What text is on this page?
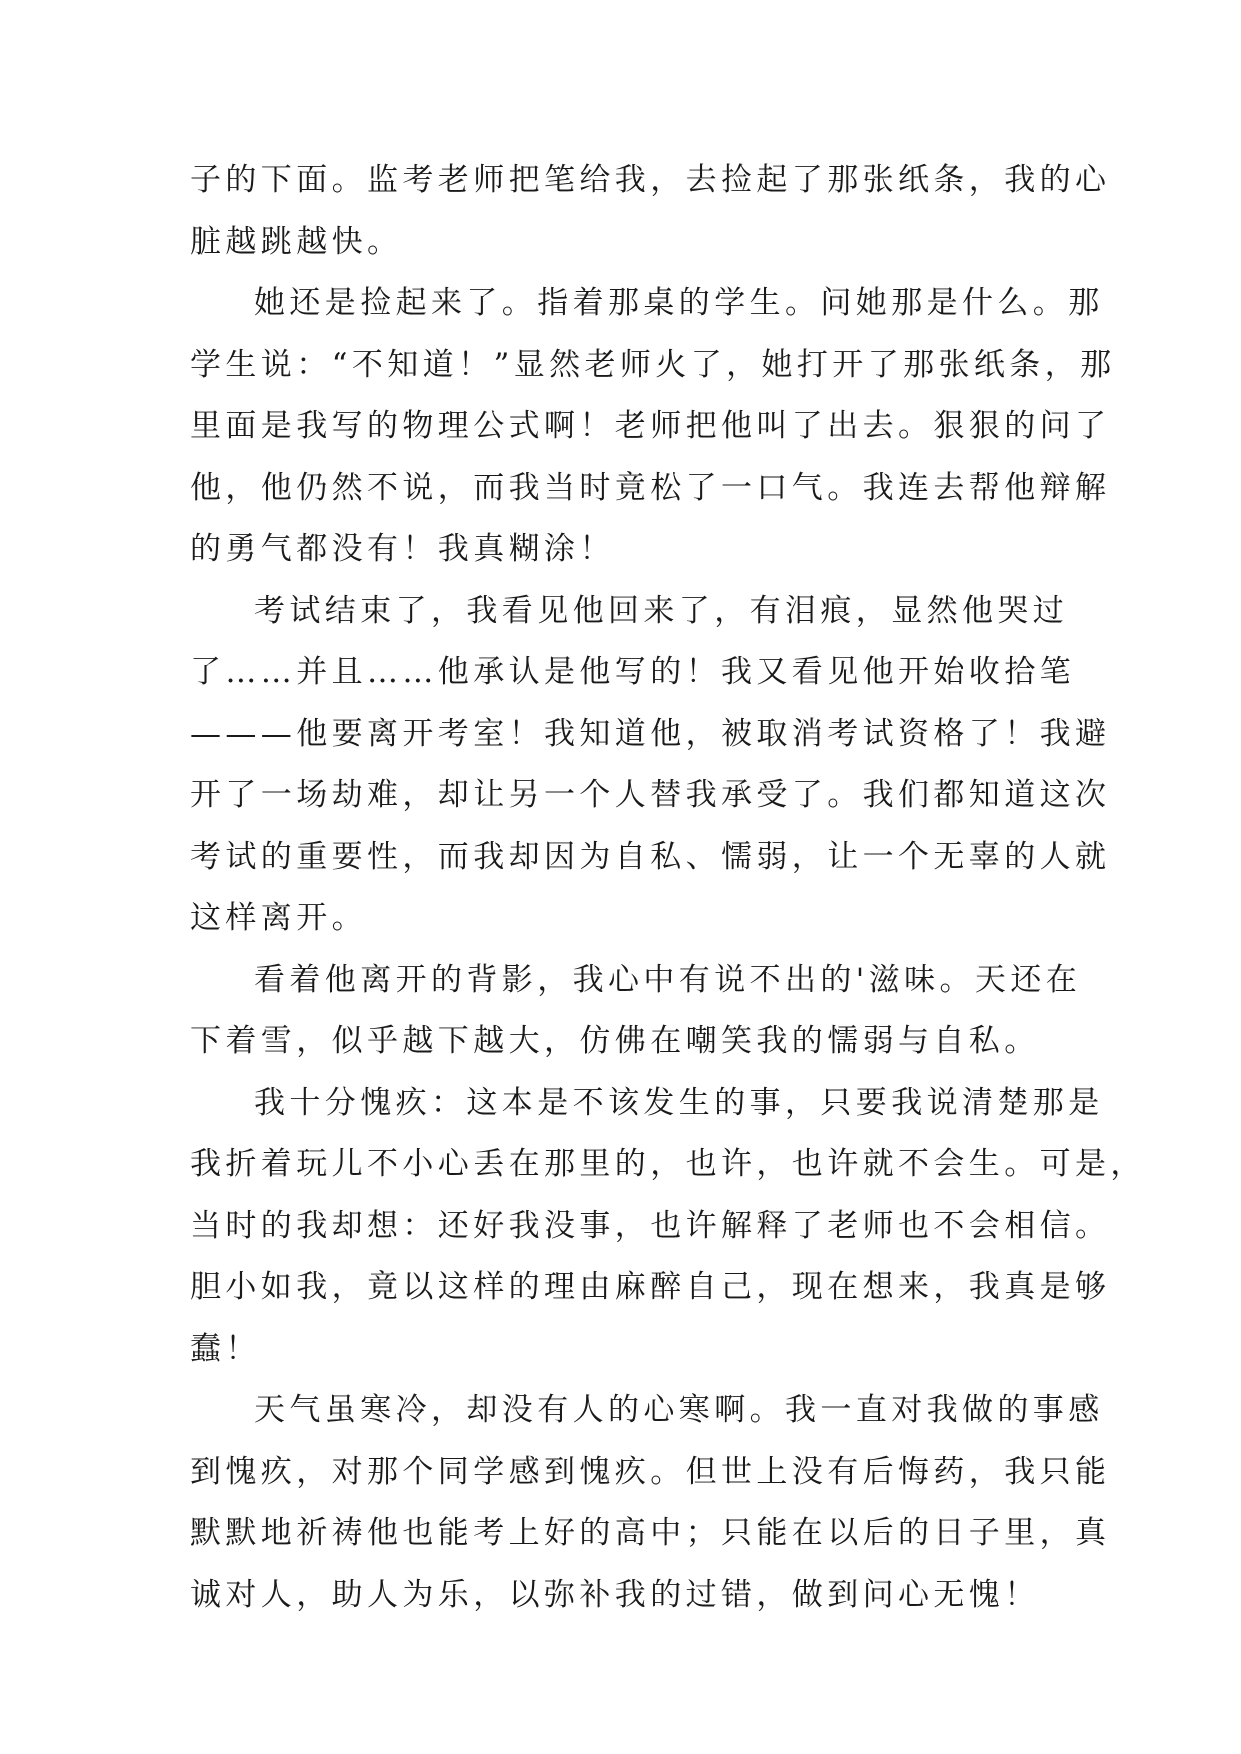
子的下面。监考老师把笔给我，去捡起了那张纸条，我的心
脏越跳越快。
她还是捡起来了。指着那桌的学生。问她那是什么。那
学生说：“不知道！”显然老师火了，她打开了那张纸条，那
里面是我写的物理公式啊！老师把他叫了出去。狠狠的问了
他，他仍然不说，而我当时竟松了一口气。我连去帮他辩解
的勇气都没有！我真糊涂！
考试结束了，我看见他回来了，有泪痕，显然他哭过
了……并且……他承认是他写的！我又看见他开始收拾笔
———他要离开考室！我知道他，被取消考试资格了！我避
开了一场劫难，却让另一个人替我承受了。我们都知道这次
考试的重要性，而我却因为自私、懦弱，让一个无辜的人就
这样离开。
看着他离开的背影，我心中有说不出的'滋味。天还在
下着雪，似乎越下越大，仿佛在嘲笑我的懦弱与自私。
我十分愧疚：这本是不该发生的事，只要我说清楚那是
我折着玩儿不小心丢在那里的，也许，也许就不会生。可是，
当时的我却想：还好我没事，也许解释了老师也不会相信。
胆小如我，竟以这样的理由麻醉自己，现在想来，我真是够
蠢！
天气虽寒冷，却没有人的心寒啊。我一直对我做的事感
到愧疚，对那个同学感到愧疚。但世上没有后悔药，我只能
默默地祈祷他也能考上好的高中；只能在以后的日子里，真
诚对人，助人为乐，以弥补我的过错，做到问心无愧！
